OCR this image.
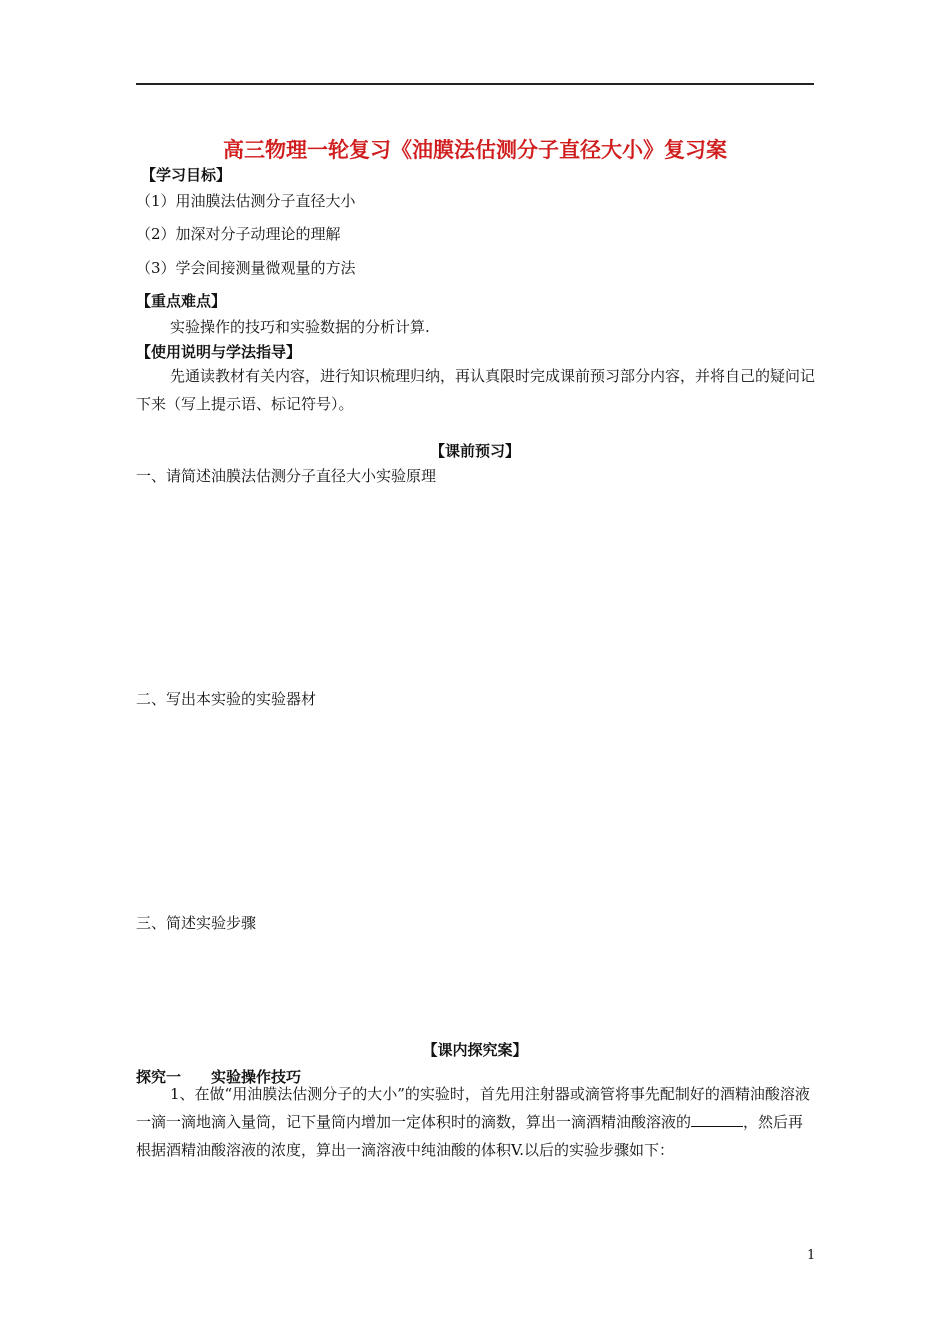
高三物理一轮复习《油膜法估测分子直径大小》复习案
【学习目标】
（1）用油膜法估测分子直径大小
（2）加深对分子动理论的理解
（3）学会间接测量微观量的方法
【重点难点】
实验操作的技巧和实验数据的分析计算.
【使用说明与学法指导】
先通读教材有关内容，进行知识梳理归纳，再认真限时完成课前预习部分内容，并将自己的疑问记下来（写上提示语、标记符号）。
【课前预习】
一、请简述油膜法估测分子直径大小实验原理
二、写出本实验的实验器材
三、简述实验步骤
【课内探究案】
探究一 实验操作技巧
1、在做“用油膜法估测分子的大小”的实验时，首先用注射器或滴管将事先配制好的酒精油酸溶液一滴一滴地滴入量筒，记下量筒内增加一定体积时的滴数，算出一滴酒精油酸溶液的	，然后再根据酒精油酸溶液的浓度，算出一滴溶液中纯油酸的体积V.以后的实验步骤如下：
1
